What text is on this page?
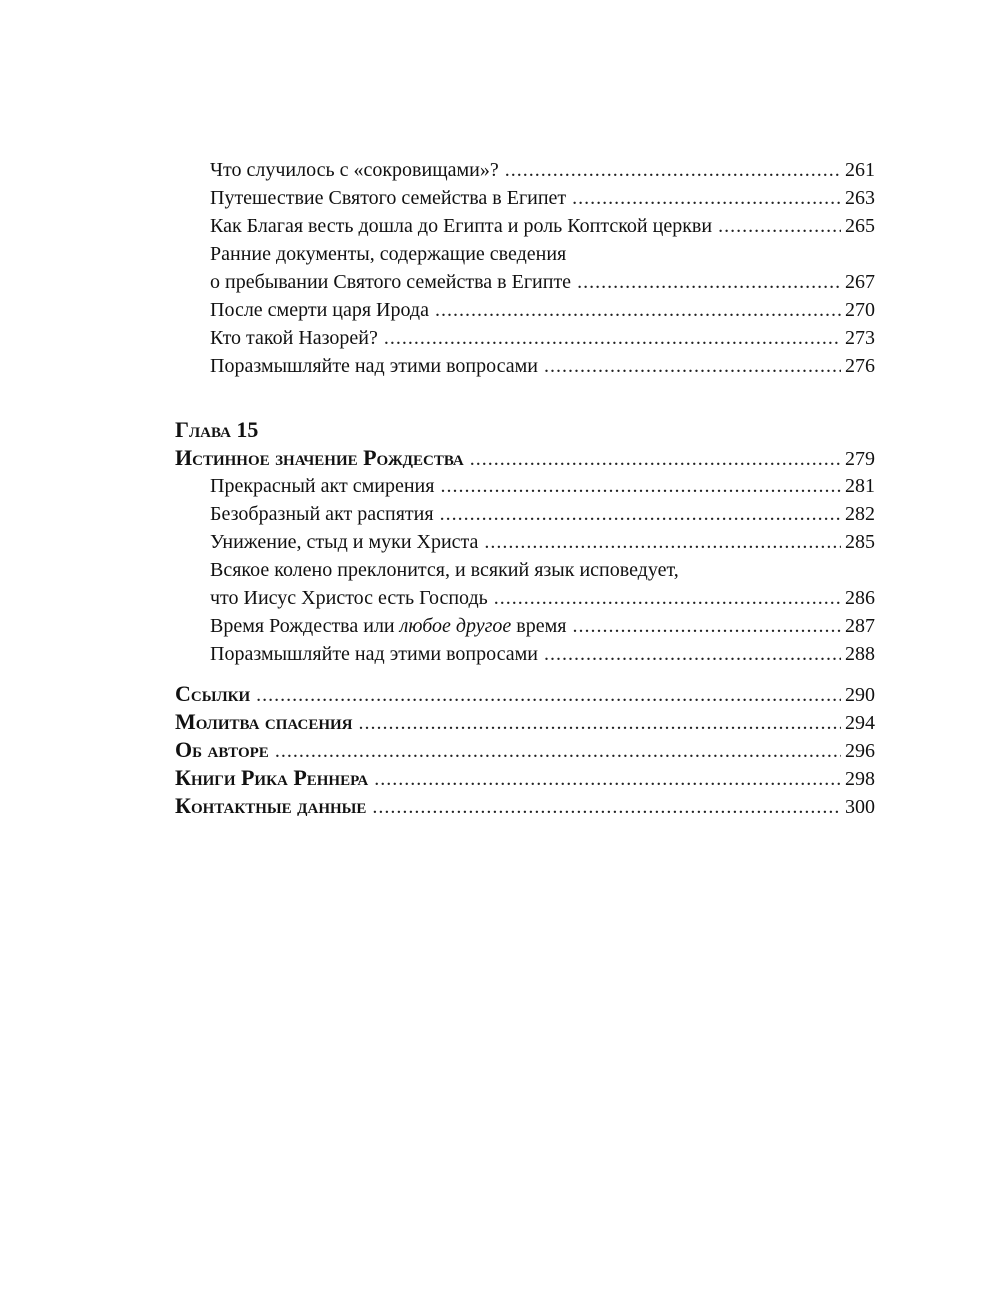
Что случилось с «сокровищами»? .....	261
Путешествие Святого семейства в Египет .....	263
Как Благая весть дошла до Египта и роль Коптской церкви .....	265
Ранние документы, содержащие сведения
о пребывании Святого семейства в Египте .....	267
После смерти царя Ирода .....	270
Кто такой Назорей? .....	273
Поразмышляйте над этими вопросами .....	276
Глава 15
Истинное значение Рождества .....	279
Прекрасный акт смирения .....	281
Безобразный акт распятия .....	282
Унижение, стыд и муки Христа .....	285
Всякое колено преклонится, и всякий язык исповедует,
что Иисус Христос есть Господь .....	286
Время Рождества или любое другое время .....	287
Поразмышляйте над этими вопросами .....	288
Ссылки .....	290
Молитва спасения .....	294
Об авторе .....	296
Книги Рика Реннера .....	298
Контактные данные .....	300
